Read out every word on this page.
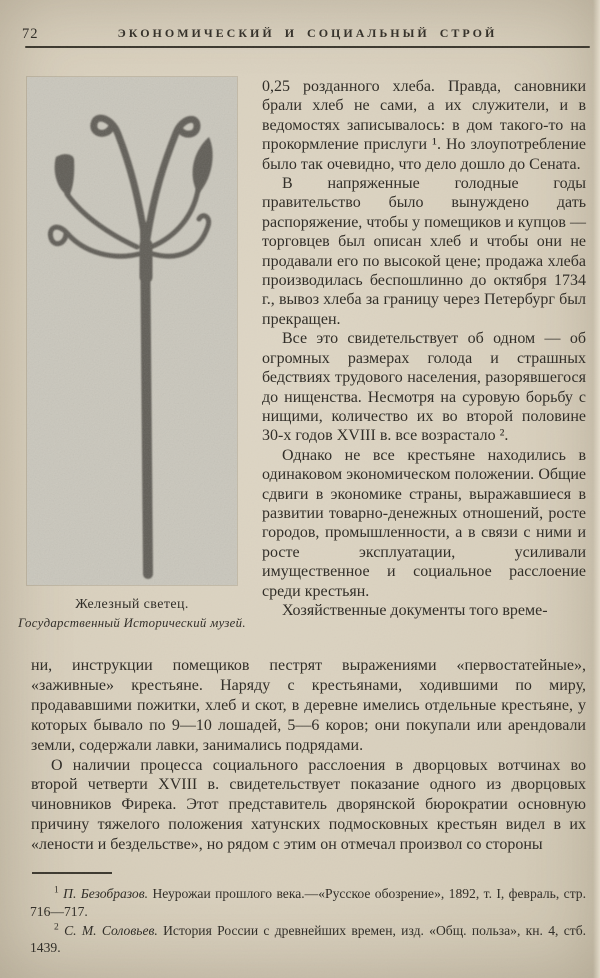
72	ЭКОНОМИЧЕСКИЙ И СОЦИАЛЬНЫЙ СТРОЙ
Железный светец.
Государственный Исторический музей.

0,25 розданного хлеба. Правда, сановники брали хлеб не сами, а их служители, и в ведомостях записывалось: в дом такого-то на прокормление прислуги ¹. Но злоупотребление было так очевидно, что дело дошло до Сената.

В напряженные голодные годы правительство было вынуждено дать распоряжение, чтобы у помещиков и купцов — торговцев был описан хлеб и чтобы они не продавали его по высокой цене; продажа хлеба производилась беспошлинно до октября 1734 г., вывоз хлеба за границу через Петербург был прекращен.

Все это свидетельствует об одном — об огромных размерах голода и страшных бедствиях трудового населения, разорявшегося до нищенства. Несмотря на суровую борьбу с нищими, количество их во второй половине 30-х годов XVIII в. все возрастало ².

Однако не все крестьяне находились в одинаковом экономическом положении. Общие сдвиги в экономике страны, выражавшиеся в развитии товарно-денежных отношений, росте городов, промышленности, а в связи с ними и росте эксплуатации, усиливали имущественное и социальное расслоение среди крестьян.

Хозяйственные документы того време-

ни, инструкции помещиков пестрят выражениями «первостатейные», «заживные» крестьяне. Наряду с крестьянами, ходившими по миру, продававшими пожитки, хлеб и скот, в деревне имелись отдельные крестьяне, у которых бывало по 9—10 лошадей, 5—6 коров; они покупали или арендовали земли, содержали лавки, занимались подрядами.

О наличии процесса социального расслоения в дворцовых вотчинах во второй четверти XVIII в. свидетельствует показание одного из дворцовых чиновников Фирека. Этот представитель дворянской бюрократии основную причину тяжелого положения хатунских подмосковных крестьян видел в их «лености и бездельстве», но рядом с этим он отмечал произвол со стороны

$^1$ П. Безобразов. Неурожаи прошлого века.—«Русское обозрение», 1892, т. I, февраль, стр. 716—717.

$^2$ С. М. Соловьев. История России с древнейших времен, изд. «Общ. польза», кн. 4, стб. 1439.
